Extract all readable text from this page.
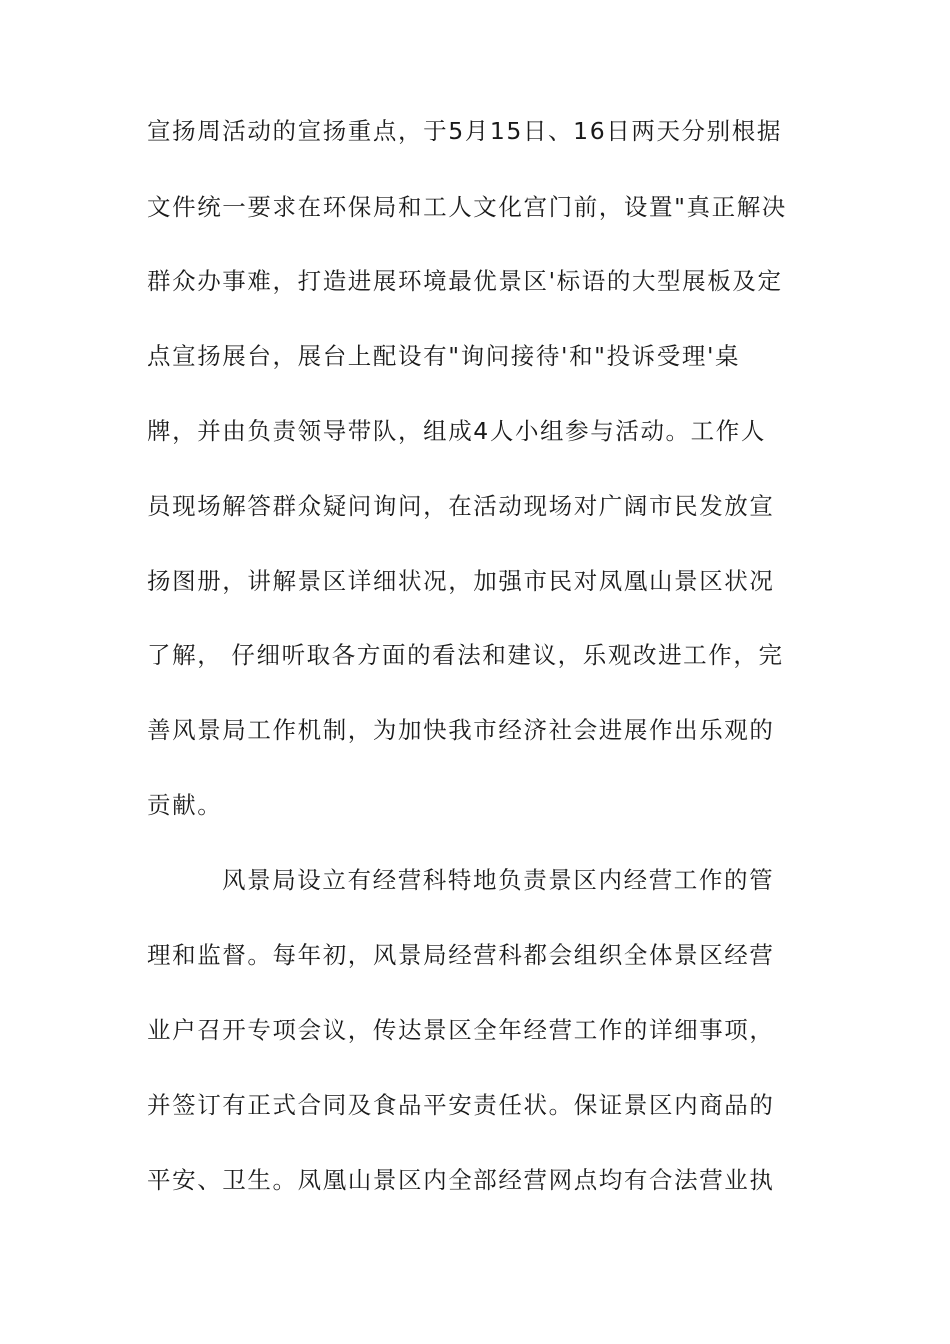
宣扬周活动的宣扬重点，于5月15日、16日两天分别根据
文件统一要求在环保局和工人文化宫门前，设置"真正解决
群众办事难，打造进展环境最优景区'标语的大型展板及定
点宣扬展台，展台上配设有"询问接待'和"投诉受理'桌
牌，并由负责领导带队，组成4人小组参与活动。工作人
员现场解答群众疑问询问，在活动现场对广阔市民发放宣
扬图册，讲解景区详细状况，加强市民对凤凰山景区状况
了解， 仔细听取各方面的看法和建议，乐观改进工作，完
善风景局工作机制，为加快我市经济社会进展作出乐观的
贡献。
风景局设立有经营科特地负责景区内经营工作的管
理和监督。每年初，风景局经营科都会组织全体景区经营
业户召开专项会议，传达景区全年经营工作的详细事项，
并签订有正式合同及食品平安责任状。保证景区内商品的
平安、卫生。凤凰山景区内全部经营网点均有合法营业执
